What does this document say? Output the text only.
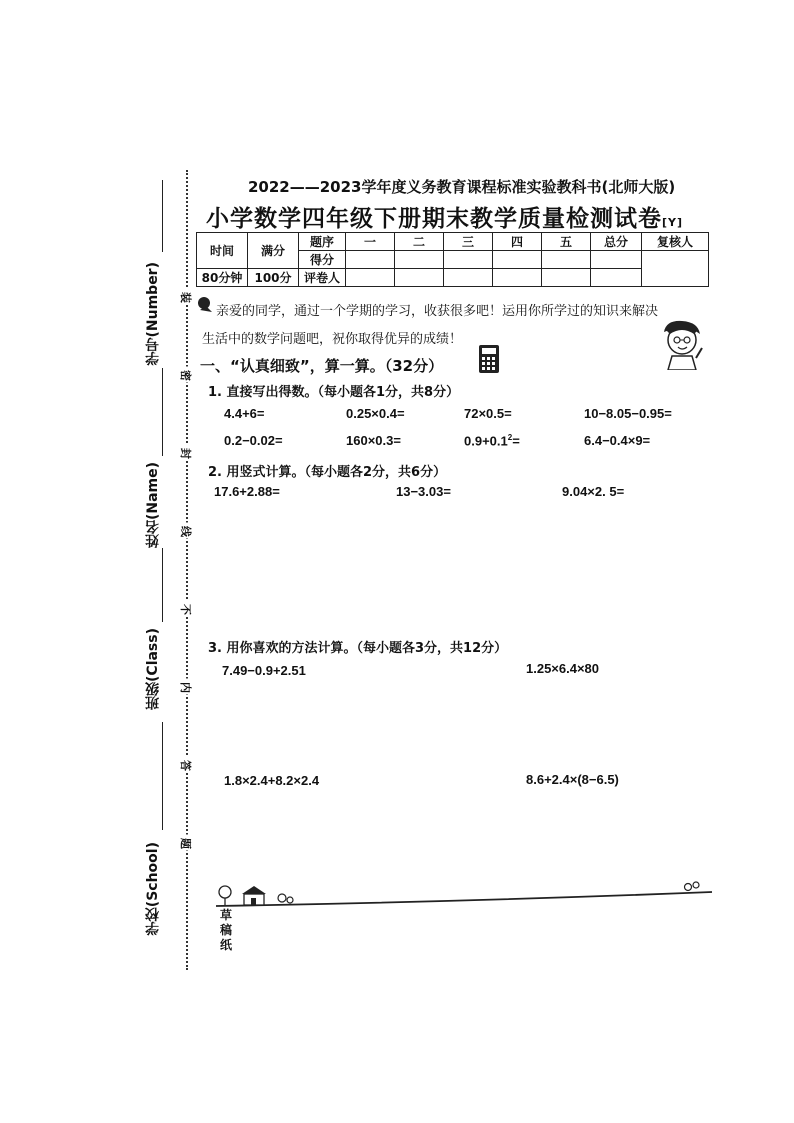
学号(Number)
姓名(Name)
班级(Class)
学校(School)
装
密
封
线
不
内
答
题
2022——2023学年度义务教育课程标准实验教科书(北师大版)
小学数学四年级下册期末教学质量检测试卷[Y]
时间	满分	题序	一	二	三	四	五	总分	复核人
		得分							
80分钟	100分	评卷人							
亲爱的同学，通过一个学期的学习，收获很多吧！运用你所学过的知识来解决
生活中的数学问题吧，祝你取得优异的成绩！
一、“认真细致”，算一算。（32分）
1. 直接写出得数。（每小题各1分，共8分）
4.4+6=	0.25×0.4=	72×0.5=	10−8.05−0.95=
0.2−0.02=	160×0.3=	$0.9+0.1^2=$	6.4−0.4×9=
2. 用竖式计算。（每小题各2分，共6分）
17.6+2.88=	13−3.03=	9.04×2. 5=
3. 用你喜欢的方法计算。（每小题各3分，共12分）
7.49−0.9+2.51	1.25×6.4×80
1.8×2.4+8.2×2.4	8.6+2.4×(8−6.5)
草稿纸
